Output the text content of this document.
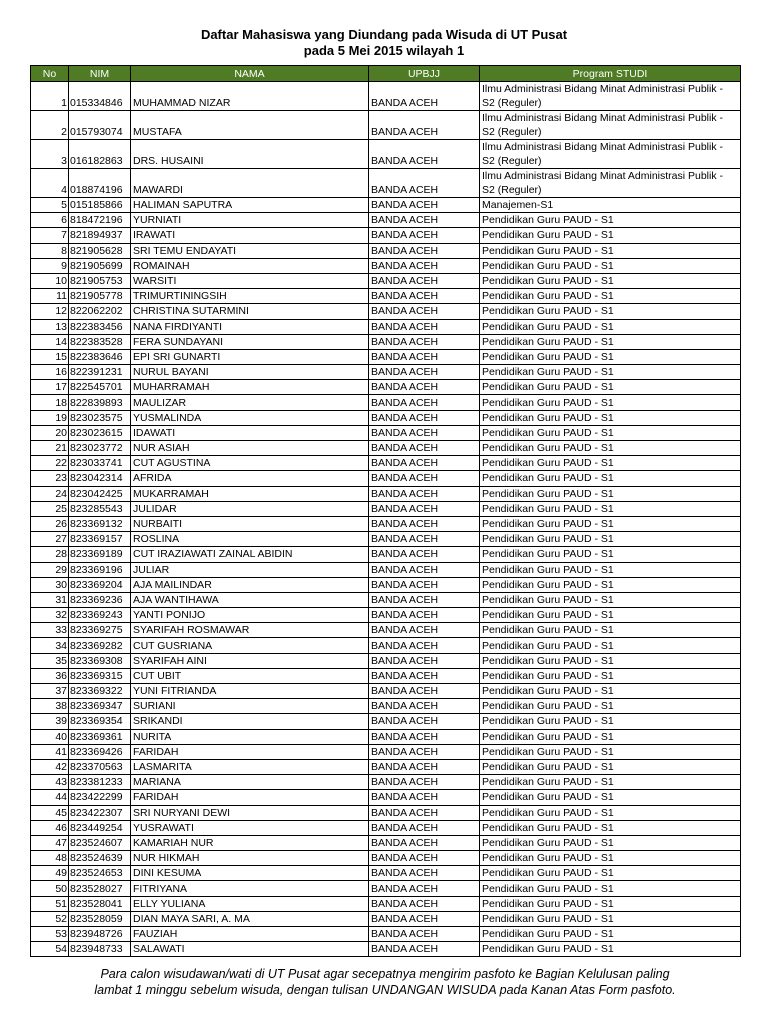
Daftar Mahasiswa yang Diundang pada Wisuda di UT Pusat
pada 5 Mei 2015 wilayah 1
No	NIM	NAMA	UPBJJ	Program STUDI
1	015334846	MUHAMMAD NIZAR	BANDA ACEH	Ilmu Administrasi Bidang Minat Administrasi Publik - S2 (Reguler)
2	015793074	MUSTAFA	BANDA ACEH	Ilmu Administrasi Bidang Minat Administrasi Publik - S2 (Reguler)
3	016182863	DRS. HUSAINI	BANDA ACEH	Ilmu Administrasi Bidang Minat Administrasi Publik - S2 (Reguler)
4	018874196	MAWARDI	BANDA ACEH	Ilmu Administrasi Bidang Minat Administrasi Publik - S2 (Reguler)
5	015185866	HALIMAN SAPUTRA	BANDA ACEH	Manajemen-S1
6	818472196	YURNIATI	BANDA ACEH	Pendidikan Guru PAUD - S1
7	821894937	IRAWATI	BANDA ACEH	Pendidikan Guru PAUD - S1
8	821905628	SRI TEMU ENDAYATI	BANDA ACEH	Pendidikan Guru PAUD - S1
9	821905699	ROMAINAH	BANDA ACEH	Pendidikan Guru PAUD - S1
10	821905753	WARSITI	BANDA ACEH	Pendidikan Guru PAUD - S1
11	821905778	TRIMURTININGSIH	BANDA ACEH	Pendidikan Guru PAUD - S1
12	822062202	CHRISTINA SUTARMINI	BANDA ACEH	Pendidikan Guru PAUD - S1
13	822383456	NANA FIRDIYANTI	BANDA ACEH	Pendidikan Guru PAUD - S1
14	822383528	FERA SUNDAYANI	BANDA ACEH	Pendidikan Guru PAUD - S1
15	822383646	EPI SRI GUNARTI	BANDA ACEH	Pendidikan Guru PAUD - S1
16	822391231	NURUL BAYANI	BANDA ACEH	Pendidikan Guru PAUD - S1
17	822545701	MUHARRAMAH	BANDA ACEH	Pendidikan Guru PAUD - S1
18	822839893	MAULIZAR	BANDA ACEH	Pendidikan Guru PAUD - S1
19	823023575	YUSMALINDA	BANDA ACEH	Pendidikan Guru PAUD - S1
20	823023615	IDAWATI	BANDA ACEH	Pendidikan Guru PAUD - S1
21	823023772	NUR ASIAH	BANDA ACEH	Pendidikan Guru PAUD - S1
22	823033741	CUT AGUSTINA	BANDA ACEH	Pendidikan Guru PAUD - S1
23	823042314	AFRIDA	BANDA ACEH	Pendidikan Guru PAUD - S1
24	823042425	MUKARRAMAH	BANDA ACEH	Pendidikan Guru PAUD - S1
25	823285543	JULIDAR	BANDA ACEH	Pendidikan Guru PAUD - S1
26	823369132	NURBAITI	BANDA ACEH	Pendidikan Guru PAUD - S1
27	823369157	ROSLINA	BANDA ACEH	Pendidikan Guru PAUD - S1
28	823369189	CUT IRAZIAWATI ZAINAL ABIDIN	BANDA ACEH	Pendidikan Guru PAUD - S1
29	823369196	JULIAR	BANDA ACEH	Pendidikan Guru PAUD - S1
30	823369204	AJA MAILINDAR	BANDA ACEH	Pendidikan Guru PAUD - S1
31	823369236	AJA WANTIHAWA	BANDA ACEH	Pendidikan Guru PAUD - S1
32	823369243	YANTI PONIJO	BANDA ACEH	Pendidikan Guru PAUD - S1
33	823369275	SYARIFAH ROSMAWAR	BANDA ACEH	Pendidikan Guru PAUD - S1
34	823369282	CUT GUSRIANA	BANDA ACEH	Pendidikan Guru PAUD - S1
35	823369308	SYARIFAH AINI	BANDA ACEH	Pendidikan Guru PAUD - S1
36	823369315	CUT UBIT	BANDA ACEH	Pendidikan Guru PAUD - S1
37	823369322	YUNI FITRIANDA	BANDA ACEH	Pendidikan Guru PAUD - S1
38	823369347	SURIANI	BANDA ACEH	Pendidikan Guru PAUD - S1
39	823369354	SRIKANDI	BANDA ACEH	Pendidikan Guru PAUD - S1
40	823369361	NURITA	BANDA ACEH	Pendidikan Guru PAUD - S1
41	823369426	FARIDAH	BANDA ACEH	Pendidikan Guru PAUD - S1
42	823370563	LASMARITA	BANDA ACEH	Pendidikan Guru PAUD - S1
43	823381233	MARIANA	BANDA ACEH	Pendidikan Guru PAUD - S1
44	823422299	FARIDAH	BANDA ACEH	Pendidikan Guru PAUD - S1
45	823422307	SRI NURYANI DEWI	BANDA ACEH	Pendidikan Guru PAUD - S1
46	823449254	YUSRAWATI	BANDA ACEH	Pendidikan Guru PAUD - S1
47	823524607	KAMARIAH NUR	BANDA ACEH	Pendidikan Guru PAUD - S1
48	823524639	NUR HIKMAH	BANDA ACEH	Pendidikan Guru PAUD - S1
49	823524653	DINI KESUMA	BANDA ACEH	Pendidikan Guru PAUD - S1
50	823528027	FITRIYANA	BANDA ACEH	Pendidikan Guru PAUD - S1
51	823528041	ELLY YULIANA	BANDA ACEH	Pendidikan Guru PAUD - S1
52	823528059	DIAN MAYA SARI, A. MA	BANDA ACEH	Pendidikan Guru PAUD - S1
53	823948726	FAUZIAH	BANDA ACEH	Pendidikan Guru PAUD - S1
54	823948733	SALAWATI	BANDA ACEH	Pendidikan Guru PAUD - S1
Para calon wisudawan/wati di UT Pusat agar secepatnya mengirim pasfoto ke Bagian Kelulusan paling
lambat 1 minggu sebelum wisuda, dengan tulisan UNDANGAN WISUDA pada Kanan Atas Form pasfoto.
